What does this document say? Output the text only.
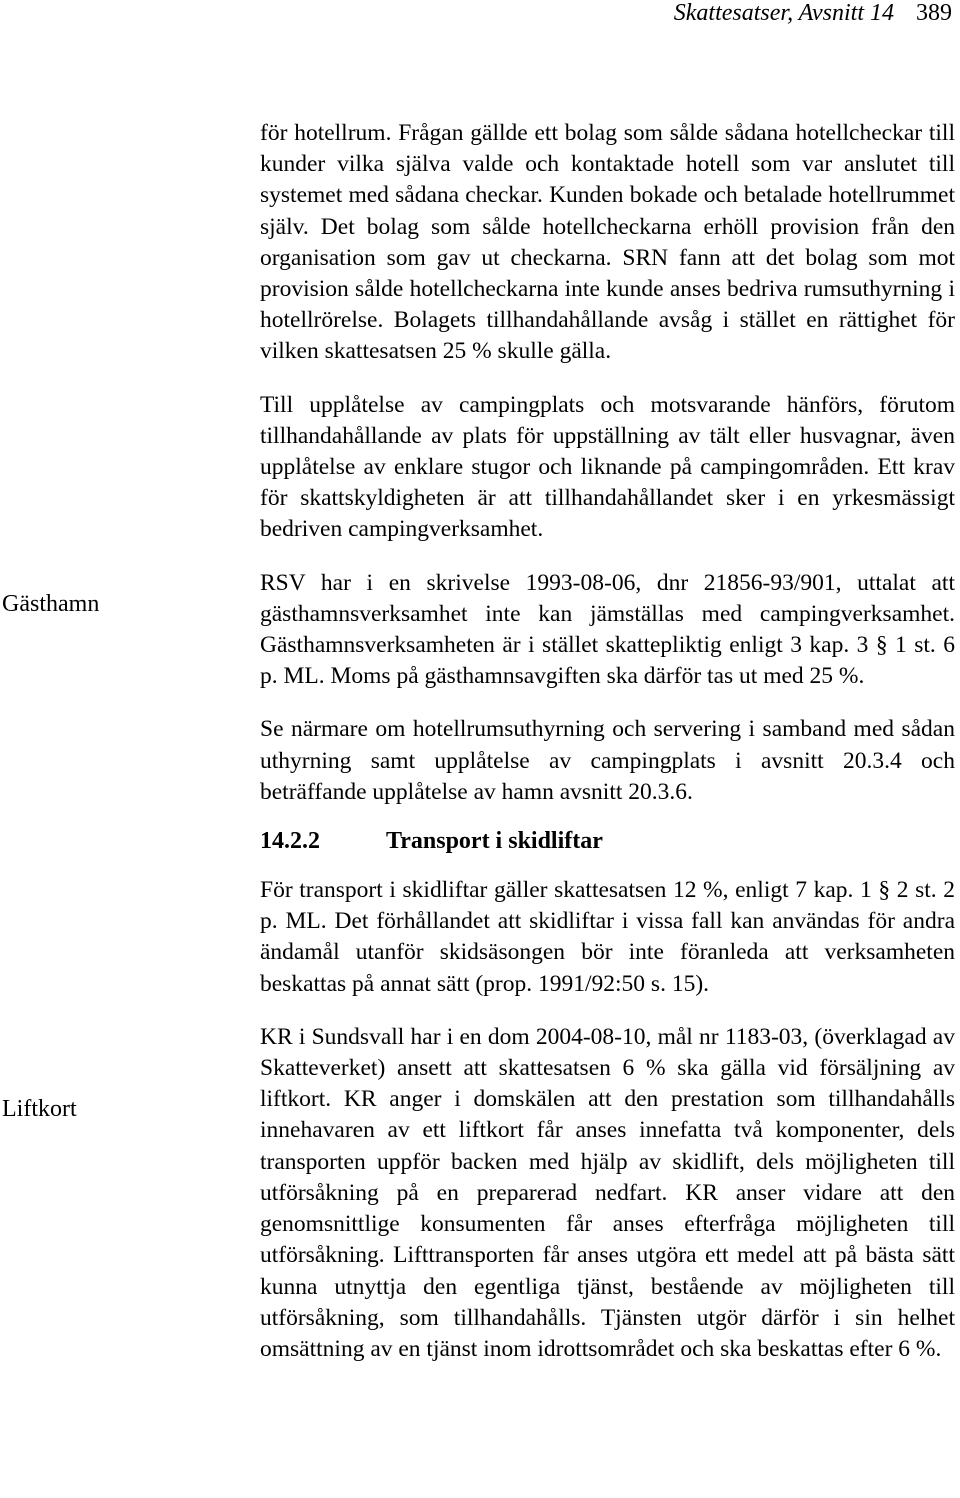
Skattesatser, Avsnitt 14 389
Gästhamn
Liftkort

för hotellrum. Frågan gällde ett bolag som sålde sådana hotellcheckar till kunder vilka själva valde och kontaktade hotell som var anslutet till systemet med sådana checkar. Kunden bokade och betalade hotellrummet själv. Det bolag som sålde hotellcheckarna erhöll provision från den organisation som gav ut checkarna. SRN fann att det bolag som mot provision sålde hotellcheckarna inte kunde anses bedriva rumsuthyrning i hotellrörelse. Bolagets tillhandahållande avsåg i stället en rättighet för vilken skattesatsen 25 % skulle gälla.

Till upplåtelse av campingplats och motsvarande hänförs, förutom tillhandahållande av plats för uppställning av tält eller husvagnar, även upplåtelse av enklare stugor och liknande på campingområden. Ett krav för skattskyldigheten är att tillhandahållandet sker i en yrkesmässigt bedriven campingverksamhet.

RSV har i en skrivelse 1993-08-06, dnr 21856-93/901, uttalat att gästhamnsverksamhet inte kan jämställas med campingverksamhet. Gästhamnsverksamheten är i stället skattepliktig enligt 3 kap. 3 § 1 st. 6 p. ML. Moms på gästhamnsavgiften ska därför tas ut med 25 %.

Se närmare om hotellrumsuthyrning och servering i samband med sådan uthyrning samt upplåtelse av campingplats i avsnitt 20.3.4 och beträffande upplåtelse av hamn avsnitt 20.3.6.

14.2.2	Transport i skidliftar

För transport i skidliftar gäller skattesatsen 12 %, enligt 7 kap. 1 § 2 st. 2 p. ML. Det förhållandet att skidliftar i vissa fall kan användas för andra ändamål utanför skidsäsongen bör inte föranleda att verksamheten beskattas på annat sätt (prop. 1991/92:50 s. 15).

KR i Sundsvall har i en dom 2004-08-10, mål nr 1183-03, (överklagad av Skatteverket) ansett att skattesatsen 6 % ska gälla vid försäljning av liftkort. KR anger i domskälen att den prestation som tillhandahålls innehavaren av ett liftkort får anses innefatta två komponenter, dels transporten uppför backen med hjälp av skidlift, dels möjligheten till utförsåkning på en preparerad nedfart. KR anser vidare att den genomsnittlige konsumenten får anses efterfråga möjligheten till utförsåkning. Lifttransporten får anses utgöra ett medel att på bästa sätt kunna utnyttja den egentliga tjänst, bestående av möjligheten till utförsåkning, som tillhandahålls. Tjänsten utgör därför i sin helhet omsättning av en tjänst inom idrottsområdet och ska beskattas efter 6 %.
